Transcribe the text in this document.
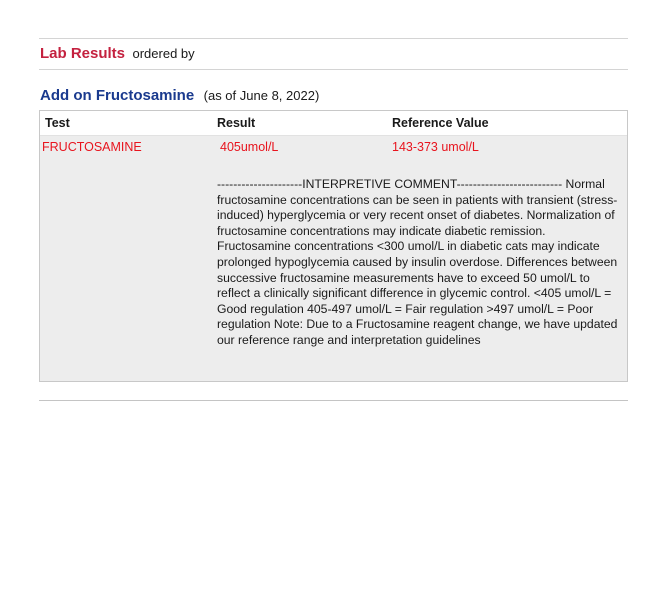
Lab Results ordered by
Add on Fructosamine (as of June 8, 2022)
Test	Result	Reference Value
FRUCTOSAMINE	405umol/L	143-373 umol/L
---------------------INTERPRETIVE COMMENT-------------------------- Normal fructosamine concentrations can be seen in patients with transient (stress-induced) hyperglycemia or very recent onset of diabetes. Normalization of fructosamine concentrations may indicate diabetic remission. Fructosamine concentrations <300 umol/L in diabetic cats may indicate prolonged hypoglycemia caused by insulin overdose. Differences between successive fructosamine measurements have to exceed 50 umol/L to reflect a clinically significant difference in glycemic control. <405 umol/L = Good regulation 405-497 umol/L = Fair regulation >497 umol/L = Poor regulation Note: Due to a Fructosamine reagent change, we have updated our reference range and interpretation guidelines
